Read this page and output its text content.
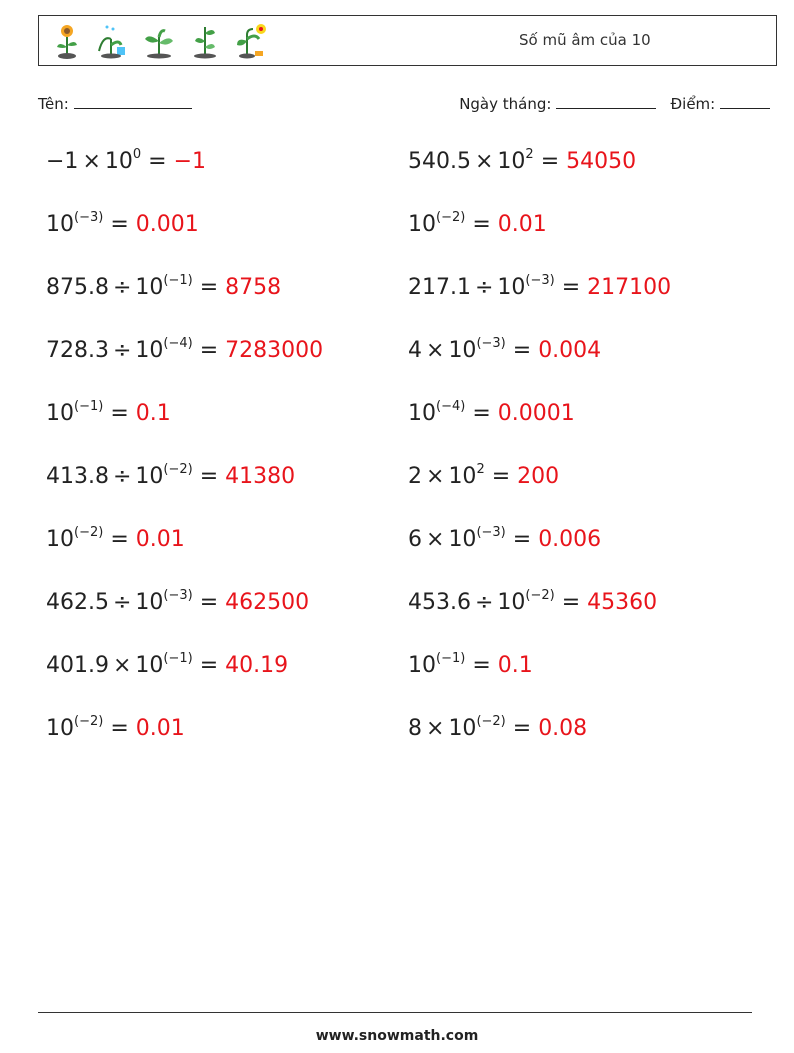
Số mũ âm của 10
Tên:	Ngày tháng:	Điểm:
$-1 \times 10^0 = -1$	$540.5 \times 10^2 = 54050$
$10^{(-3)} = 0.001$	$10^{(-2)} = 0.01$
$875.8 \div 10^{(-1)} = 8758$	$217.1 \div 10^{(-3)} = 217100$
$728.3 \div 10^{(-4)} = 7283000$	$4 \times 10^{(-3)} = 0.004$
$10^{(-1)} = 0.1$	$10^{(-4)} = 0.0001$
$413.8 \div 10^{(-2)} = 41380$	$2 \times 10^2 = 200$
$10^{(-2)} = 0.01$	$6 \times 10^{(-3)} = 0.006$
$462.5 \div 10^{(-3)} = 462500$	$453.6 \div 10^{(-2)} = 45360$
$401.9 \times 10^{(-1)} = 40.19$	$10^{(-1)} = 0.1$
$10^{(-2)} = 0.01$	$8 \times 10^{(-2)} = 0.08$
www.snowmath.com
